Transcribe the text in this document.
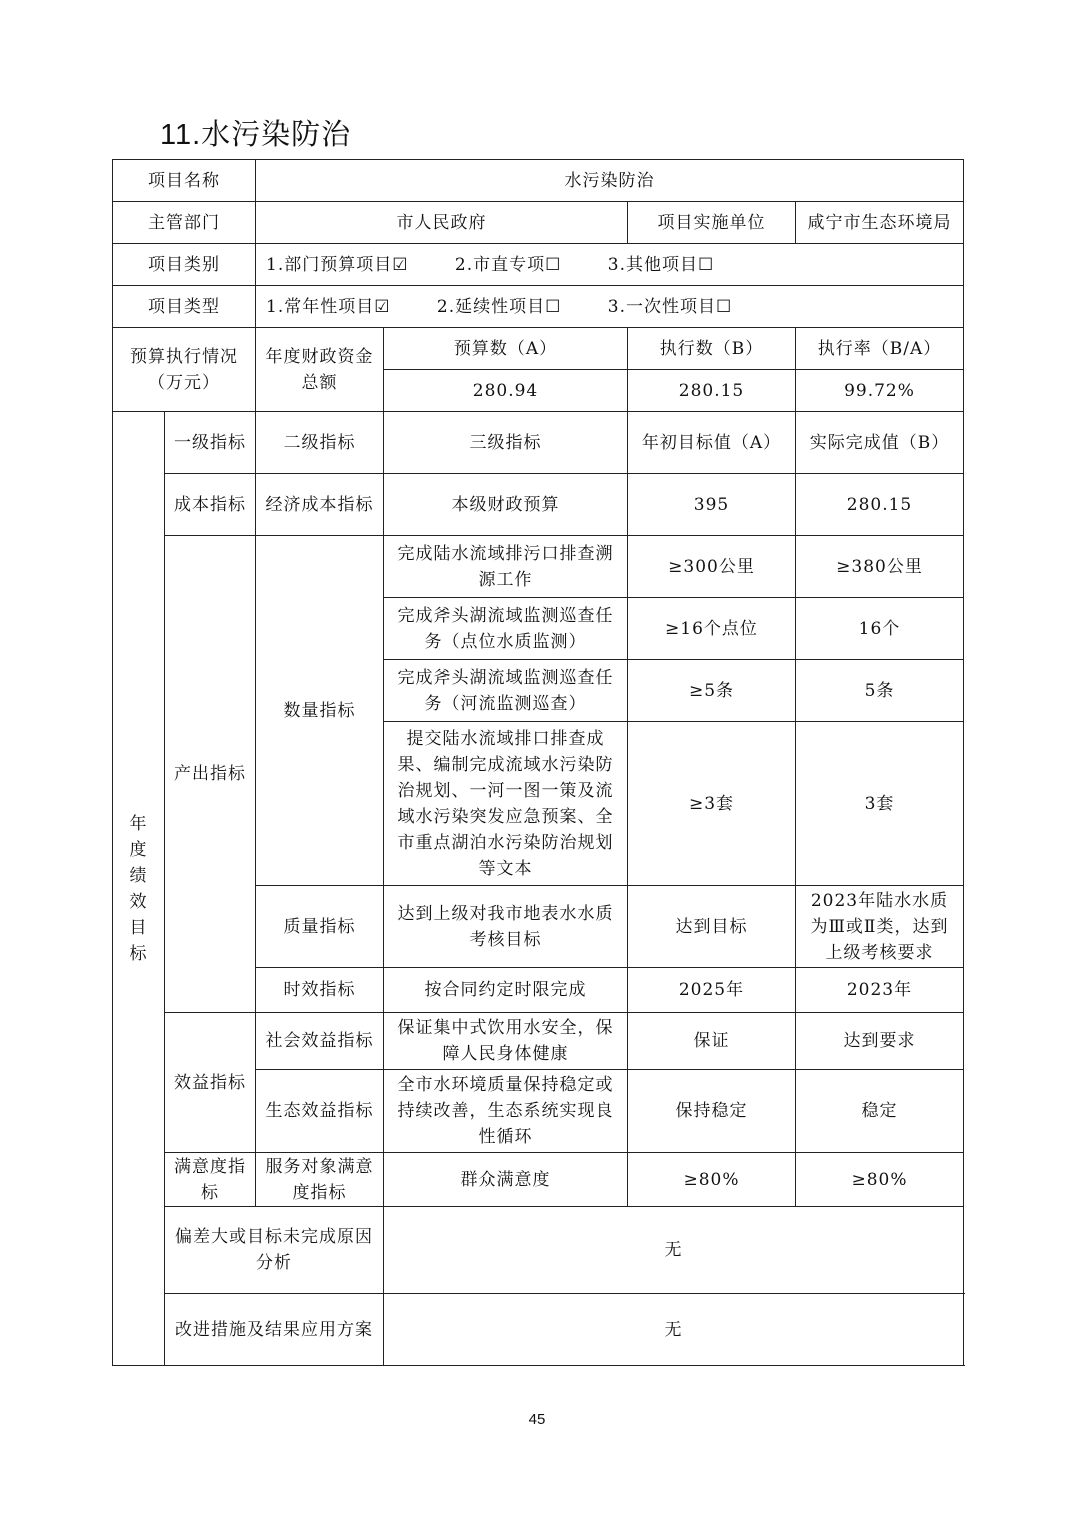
11.水污染防治
项目名称		水污染防治			
主管部门		市人民政府		项目实施单位	咸宁市生态环境局
项目类别		1.部门预算项目☑ 2.市直专项☐ 3.其他项目☐			
项目类型		1.常年性项目☑ 2.延续性项目☐ 3.一次性项目☐			
预算执行情况（万元）		年度财政资金总额	预算数（A）	执行数（B）	执行率（B/A）
			280.94	280.15	99.72%
年度绩效目标	一级指标	二级指标	三级指标	年初目标值（A）	实际完成值（B）
	成本指标	经济成本指标	本级财政预算	395	280.15
	产出指标	数量指标	完成陆水流域排污口排查溯源工作	≥300公里	≥380公里
			完成斧头湖流域监测巡查任务（点位水质监测）	≥16个点位	16个
			完成斧头湖流域监测巡查任务（河流监测巡查）	≥5条	5条
			提交陆水流域排口排查成果、编制完成流域水污染防治规划、一河一图一策及流域水污染突发应急预案、全市重点湖泊水污染防治规划等文本	≥3套	3套
		质量指标	达到上级对我市地表水水质考核目标	达到目标	2023年陆水水质为Ⅲ或Ⅱ类，达到上级考核要求
		时效指标	按合同约定时限完成	2025年	2023年
	效益指标	社会效益指标	保证集中式饮用水安全，保障人民身体健康	保证	达到要求
		生态效益指标	全市水环境质量保持稳定或持续改善，生态系统实现良性循环	保持稳定	稳定
	满意度指标	服务对象满意度指标	群众满意度	≥80%	≥80%
	偏差大或目标未完成原因分析		无		
	改进措施及结果应用方案		无		
45
